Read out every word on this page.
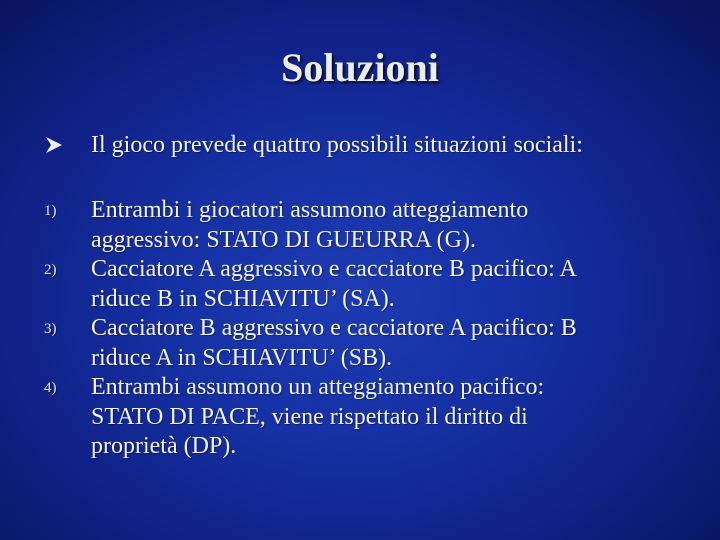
Soluzioni
Il gioco prevede quattro possibili situazioni sociali:
1) Entrambi i giocatori assumono atteggiamento
aggressivo: STATO DI GUEURRA (G).
2) Cacciatore A aggressivo e cacciatore B pacifico: A
riduce B in SCHIAVITU’ (SA).
3) Cacciatore B aggressivo e cacciatore A pacifico: B
riduce A in SCHIAVITU’ (SB).
4) Entrambi assumono un atteggiamento pacifico:
STATO DI PACE, viene rispettato il diritto di
proprietà (DP).
